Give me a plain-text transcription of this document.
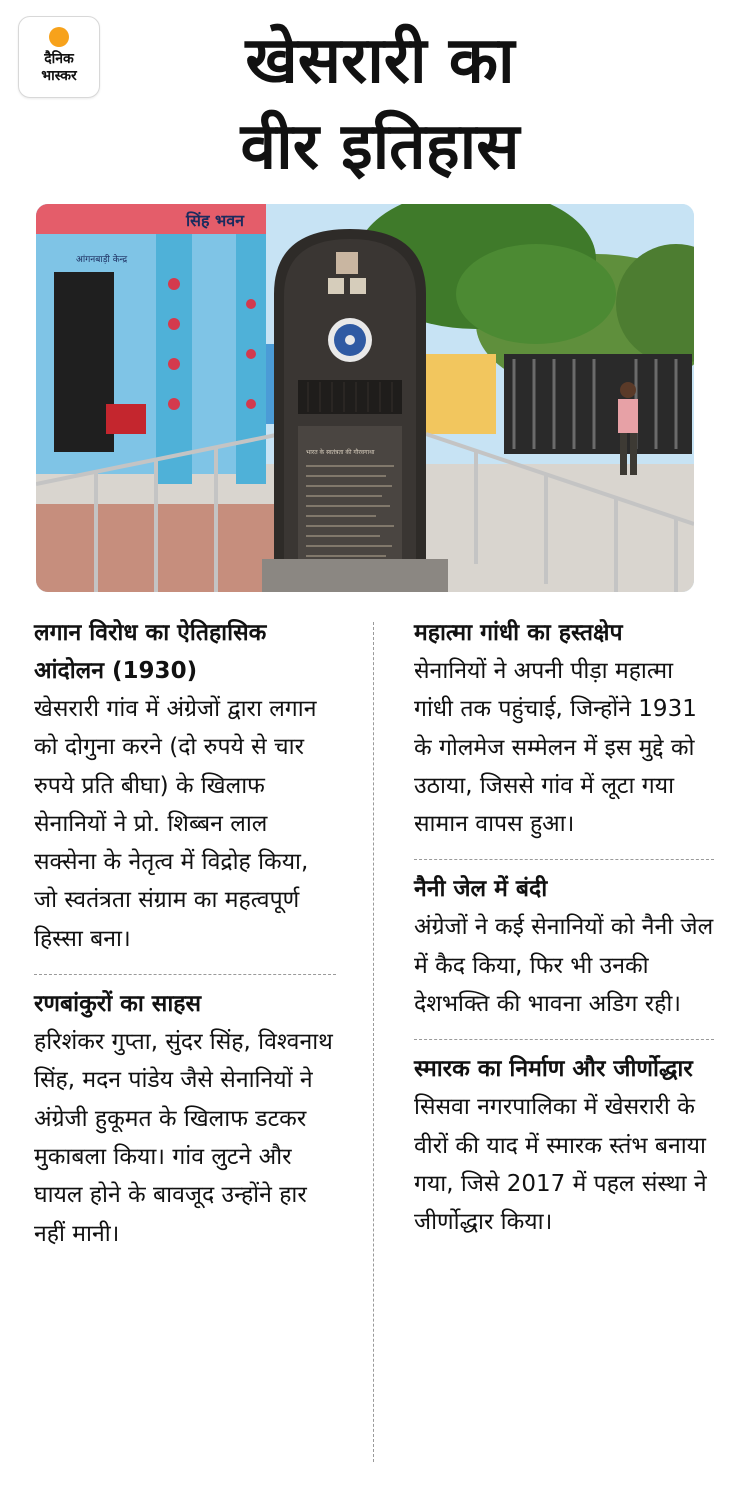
दैनिक
भास्कर	खेसरारी का
वीर इतिहास
सिंह भवन
आंगनबाड़ी केन्द्र
भारत के स्वतंत्रता की गौरवगाथा

लगान विरोध का ऐतिहासिक आंदोलन (1930)

खेसरारी गांव में अंग्रेजों द्वारा लगान को दोगुना करने (दो रुपये से चार रुपये प्रति बीघा) के खिलाफ सेनानियों ने प्रो. शिब्बन लाल सक्सेना के नेतृत्व में विद्रोह किया, जो स्वतंत्रता संग्राम का महत्वपूर्ण हिस्सा बना।

रणबांकुरों का साहस

हरिशंकर गुप्ता, सुंदर सिंह, विश्वनाथ सिंह, मदन पांडेय जैसे सेनानियों ने अंग्रेजी हुकूमत के खिलाफ डटकर मुकाबला किया। गांव लुटने और घायल होने के बावजूद उन्होंने हार नहीं मानी।

महात्मा गांधी का हस्तक्षेप

सेनानियों ने अपनी पीड़ा महात्मा गांधी तक पहुंचाई, जिन्होंने 1931 के गोलमेज सम्मेलन में इस मुद्दे को उठाया, जिससे गांव में लूटा गया सामान वापस हुआ।

नैनी जेल में बंदी

अंग्रेजों ने कई सेनानियों को नैनी जेल में कैद किया, फिर भी उनकी देशभक्ति की भावना अडिग रही।

स्मारक का निर्माण और जीर्णोद्धार

सिसवा नगरपालिका में खेसरारी के वीरों की याद में स्मारक स्तंभ बनाया गया, जिसे 2017 में पहल संस्था ने जीर्णोद्धार किया।
